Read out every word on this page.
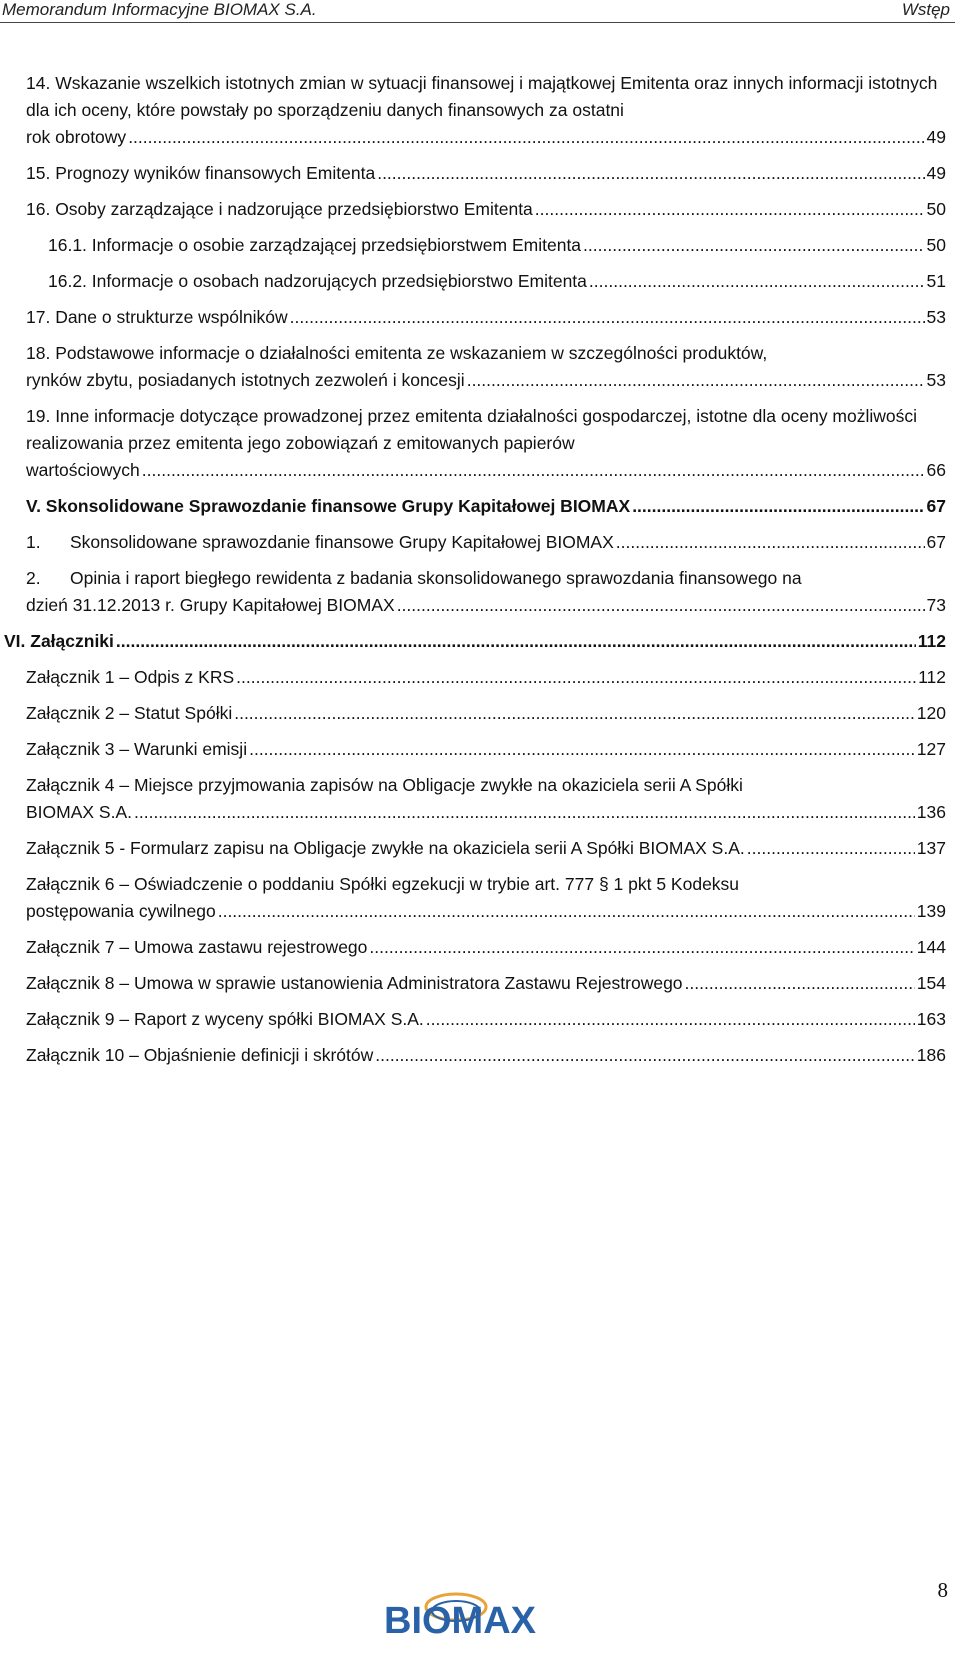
Memorandum Informacyjne BIOMAX S.A.	Wstęp
14. Wskazanie wszelkich istotnych zmian w sytuacji finansowej i majątkowej Emitenta oraz innych informacji istotnych dla ich oceny, które powstały po sporządzeniu danych finansowych za ostatni
rok obrotowy .....	49
15. Prognozy wyników finansowych Emitenta .....	49
16. Osoby zarządzające i nadzorujące przedsiębiorstwo Emitenta .....	50
16.1. Informacje o osobie zarządzającej przedsiębiorstwem Emitenta .....	50
16.2. Informacje o osobach nadzorujących przedsiębiorstwo Emitenta .....	51
17. Dane o strukturze wspólników .....	53
18. Podstawowe informacje o działalności emitenta ze wskazaniem w szczególności produktów,
rynków zbytu, posiadanych istotnych zezwoleń i koncesji .....	53
19. Inne informacje dotyczące prowadzonej przez emitenta działalności gospodarczej, istotne dla oceny możliwości realizowania przez emitenta jego zobowiązań z emitowanych papierów
wartościowych .....	66
V. Skonsolidowane Sprawozdanie finansowe Grupy Kapitałowej BIOMAX .....	67
1. Skonsolidowane sprawozdanie finansowe Grupy Kapitałowej BIOMAX .....	67
2. Opinia i raport biegłego rewidenta z badania skonsolidowanego sprawozdania finansowego na
dzień 31.12.2013 r. Grupy Kapitałowej BIOMAX .....	73
VI. Załączniki .....	112
Załącznik 1 – Odpis z KRS .....	112
Załącznik 2 – Statut Spółki .....	120
Załącznik 3 – Warunki emisji .....	127
Załącznik 4 – Miejsce przyjmowania zapisów na Obligacje zwykłe na okaziciela serii A Spółki
BIOMAX S.A. .....	136
Załącznik 5 - Formularz zapisu na Obligacje zwykłe na okaziciela serii A Spółki BIOMAX S.A. .....	137
Załącznik 6 – Oświadczenie o poddaniu Spółki egzekucji w trybie art. 777 § 1 pkt 5 Kodeksu
postępowania cywilnego .....	139
Załącznik 7 – Umowa zastawu rejestrowego .....	144
Załącznik 8 – Umowa w sprawie ustanowienia Administratora Zastawu Rejestrowego .....	154
Załącznik 9 – Raport z wyceny spółki BIOMAX S.A. .....	163
Załącznik 10 – Objaśnienie definicji i skrótów .....	186
BIOMAX
8
